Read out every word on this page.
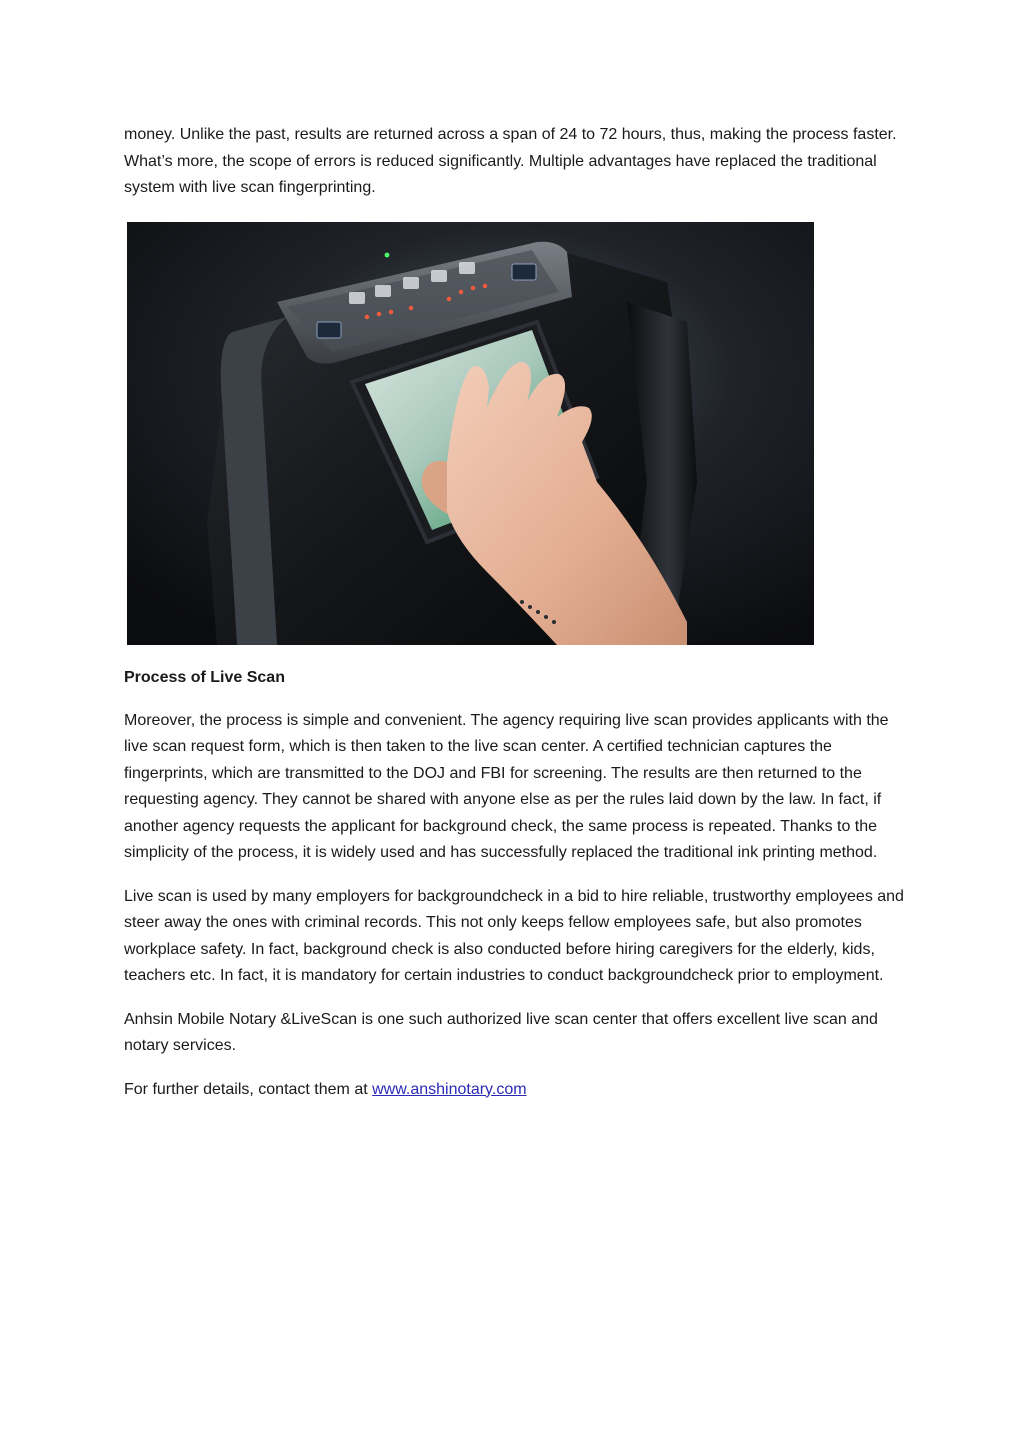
money. Unlike the past, results are returned across a span of 24 to 72 hours, thus, making the process faster. What’s more, the scope of errors is reduced significantly. Multiple advantages have replaced the traditional system with live scan fingerprinting.

Process of Live Scan

Moreover, the process is simple and convenient. The agency requiring live scan provides applicants with the live scan request form, which is then taken to the live scan center. A certified technician captures the fingerprints, which are transmitted to the DOJ and FBI for screening. The results are then returned to the requesting agency. They cannot be shared with anyone else as per the rules laid down by the law. In fact, if another agency requests the applicant for background check, the same process is repeated. Thanks to the simplicity of the process, it is widely used and has successfully replaced the traditional ink printing method.

Live scan is used by many employers for backgroundcheck in a bid to hire reliable, trustworthy employees and steer away the ones with criminal records. This not only keeps fellow employees safe, but also promotes workplace safety. In fact, background check is also conducted before hiring caregivers for the elderly, kids, teachers etc. In fact, it is mandatory for certain industries to conduct backgroundcheck prior to employment.

Anhsin Mobile Notary &LiveScan is one such authorized live scan center that offers excellent live scan and notary services.

For further details, contact them at www.anshinotary.com
